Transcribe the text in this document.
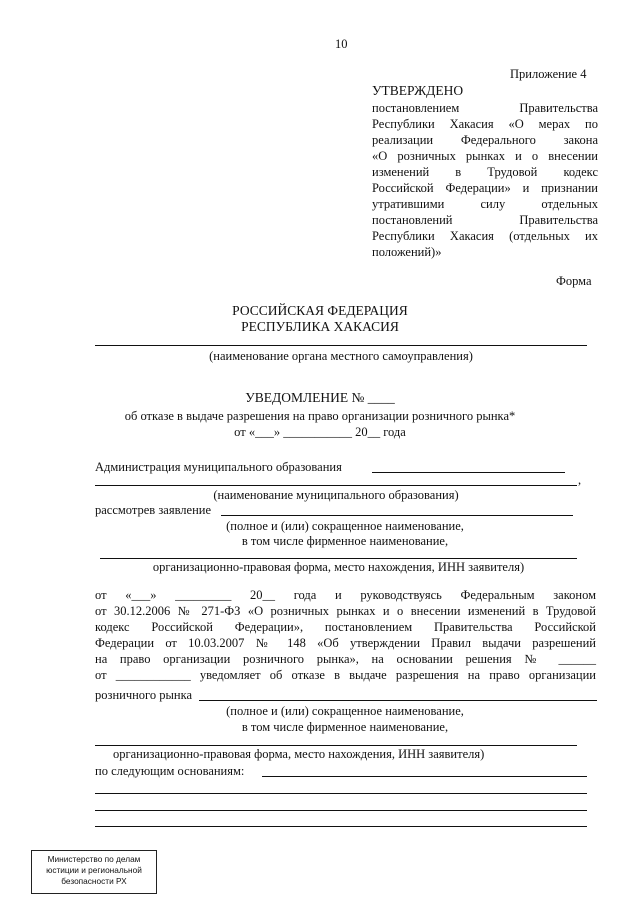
10
Приложение 4
УТВЕРЖДЕНО
постановлением Правительства
Республики Хакасия «О мерах по
реализации Федерального закона
«О розничных рынках и о внесении
изменений в Трудовой кодекс
Российской Федерации» и признании
утратившими силу отдельных
постановлений Правительства
Республики Хакасия (отдельных их
положений)»
Форма
РОССИЙСКАЯ ФЕДЕРАЦИЯ
РЕСПУБЛИКА ХАКАСИЯ
(наименование органа местного самоуправления)
УВЕДОМЛЕНИЕ № ____
об отказе в выдаче разрешения на право организации розничного рынка*
от «___» ___________ 20__ года
Администрация муниципального образования
,
(наименование муниципального образования)
рассмотрев заявление
(полное и (или) сокращенное наименование,
в том числе фирменное наименование,
организационно-правовая форма, место нахождения, ИНН заявителя)
от «___» _________ 20__ года и руководствуясь Федеральным законом
от 30.12.2006 № 271-ФЗ «О розничных рынках и о внесении изменений в Трудовой
кодекс Российской Федерации», постановлением Правительства Российской
Федерации от 10.03.2007 № 148 «Об утверждении Правил выдачи разрешений
на право организации розничного рынка», на основании решения № ______
от ____________ уведомляет об отказе в выдаче разрешения на право организации
розничного рынка
(полное и (или) сокращенное наименование,
в том числе фирменное наименование,
организационно-правовая форма, место нахождения, ИНН заявителя)
по следующим основаниям:
Министерство по делам
юстиции и региональной
безопасности РХ
